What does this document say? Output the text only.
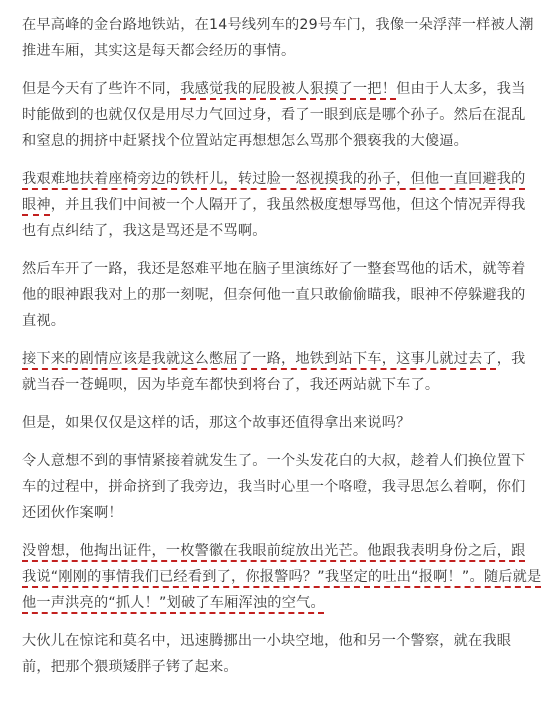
在早高峰的金台路地铁站，在14号线列车的29号车门，我像一朵浮萍一样被人潮
推进车厢，其实这是每天都会经历的事情。
但是今天有了些许不同，我感觉我的屁股被人狠摸了一把！但由于人太多，我当
时能做到的也就仅仅是用尽力气回过身，看了一眼到底是哪个孙子。然后在混乱
和窒息的拥挤中赶紧找个位置站定再想想怎么骂那个猥亵我的大傻逼。
我艰难地扶着座椅旁边的铁杆儿，转过脸一怒视摸我的孙子，但他一直回避我的
眼神，并且我们中间被一个人隔开了，我虽然极度想辱骂他，但这个情况弄得我
也有点纠结了，我这是骂还是不骂啊。
然后车开了一路，我还是怒难平地在脑子里演练好了一整套骂他的话术，就等着
他的眼神跟我对上的那一刻呢，但奈何他一直只敢偷偷瞄我，眼神不停躲避我的
直视。
接下来的剧情应该是我就这么憋屈了一路，地铁到站下车，这事儿就过去了，我
就当吞一苍蝇呗，因为毕竟车都快到将台了，我还两站就下车了。
但是，如果仅仅是这样的话，那这个故事还值得拿出来说吗？
令人意想不到的事情紧接着就发生了。一个头发花白的大叔，趁着人们换位置下
车的过程中，拼命挤到了我旁边，我当时心里一个咯噔，我寻思怎么着啊，你们
还团伙作案啊！
没曾想，他掏出证件，一枚警徽在我眼前绽放出光芒。他跟我表明身份之后，跟
我说“刚刚的事情我们已经看到了，你报警吗？”我坚定的吐出“报啊！”。随后就是
他一声洪亮的“抓人！”划破了车厢浑浊的空气。
大伙儿在惊诧和莫名中，迅速腾挪出一小块空地，他和另一个警察，就在我眼
前，把那个猥琐矮胖子铐了起来。
